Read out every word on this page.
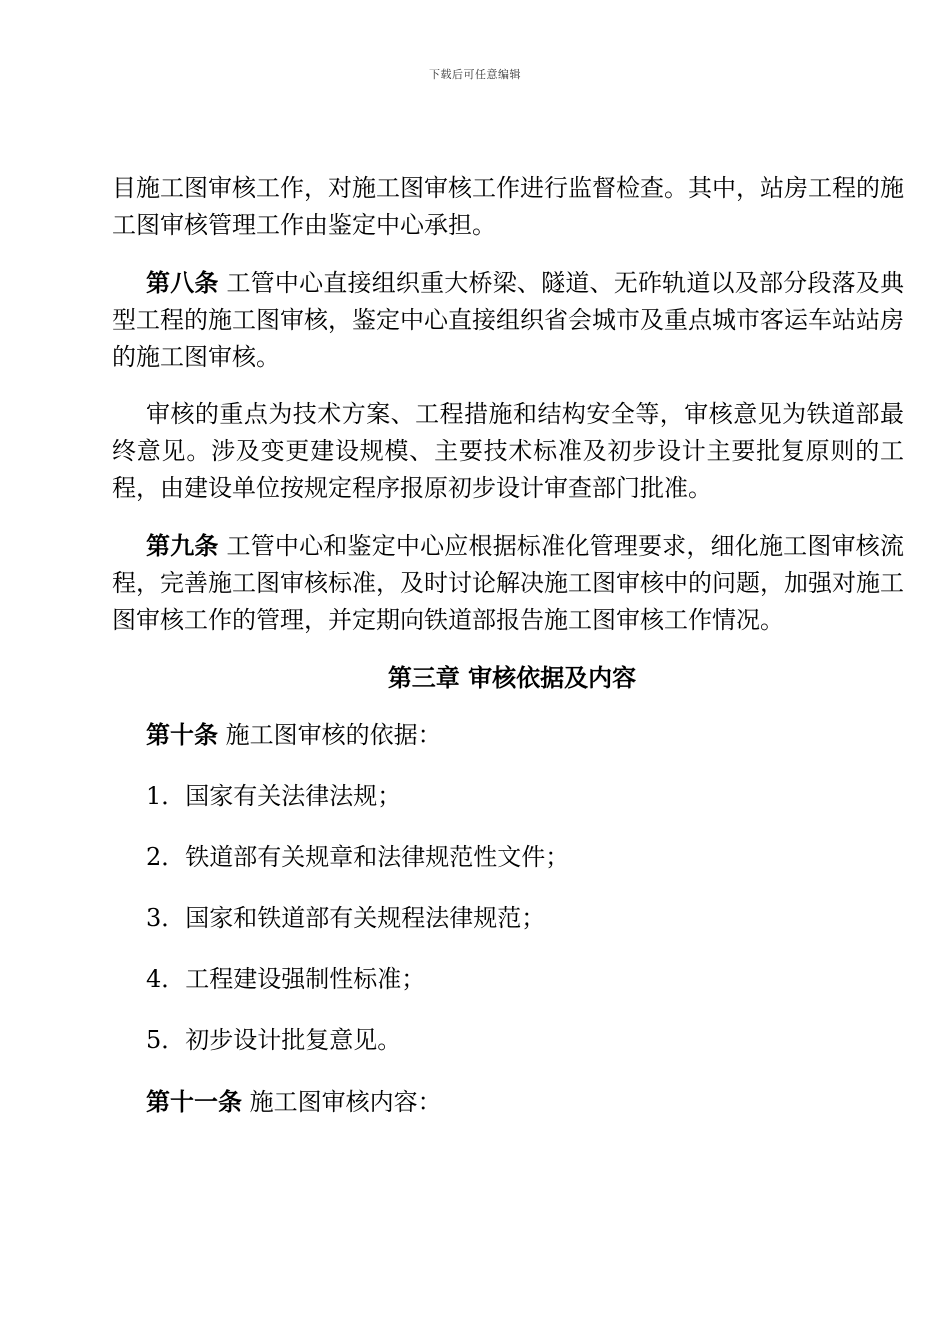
下载后可任意编辑

目施工图审核工作，对施工图审核工作进行监督检查。其中，站房工程的施工图审核管理工作由鉴定中心承担。

第八条 工管中心直接组织重大桥梁、隧道、无砟轨道以及部分段落及典型工程的施工图审核，鉴定中心直接组织省会城市及重点城市客运车站站房的施工图审核。

审核的重点为技术方案、工程措施和结构安全等，审核意见为铁道部最终意见。涉及变更建设规模、主要技术标准及初步设计主要批复原则的工程，由建设单位按规定程序报原初步设计审查部门批准。

第九条 工管中心和鉴定中心应根据标准化管理要求，细化施工图审核流程，完善施工图审核标准，及时讨论解决施工图审核中的问题，加强对施工图审核工作的管理，并定期向铁道部报告施工图审核工作情况。

第三章 审核依据及内容

第十条 施工图审核的依据：

1．国家有关法律法规；
2．铁道部有关规章和法律规范性文件；
3．国家和铁道部有关规程法律规范；
4．工程建设强制性标准；
5．初步设计批复意见。

第十一条 施工图审核内容：
